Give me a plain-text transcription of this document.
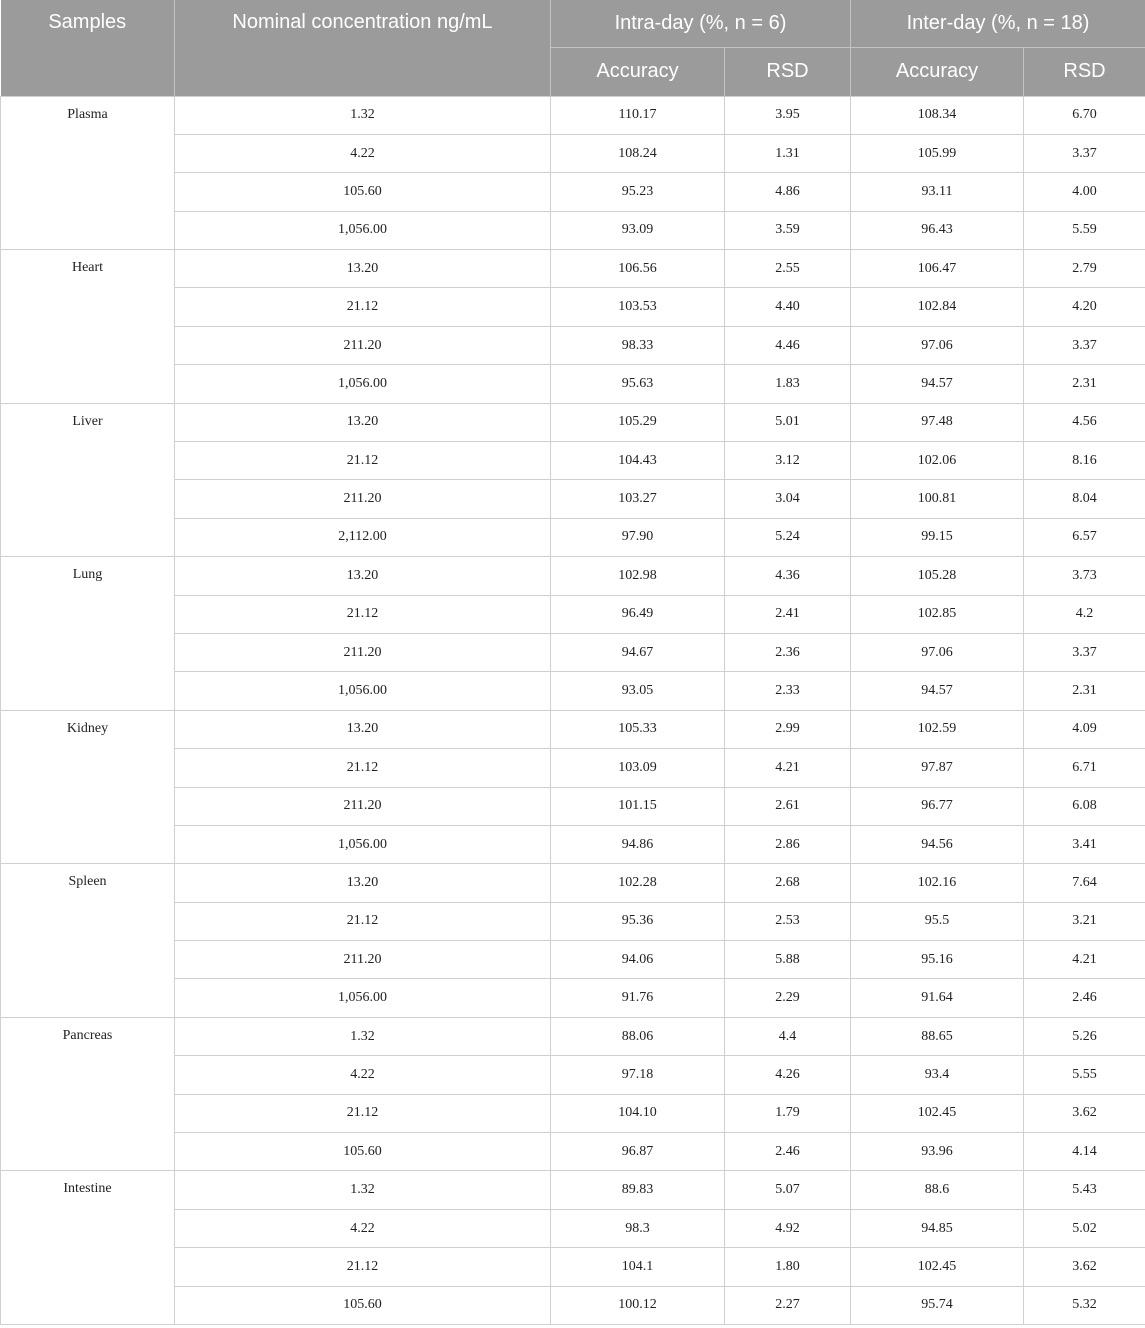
Samples	Nominal concentration ng/mL	Intra-day (%, n = 6)		Inter-day (%, n = 18)	
		Accuracy	RSD	Accuracy	RSD
Plasma	1.32	110.17	3.95	108.34	6.70
	4.22	108.24	1.31	105.99	3.37
	105.60	95.23	4.86	93.11	4.00
	1,056.00	93.09	3.59	96.43	5.59
Heart	13.20	106.56	2.55	106.47	2.79
	21.12	103.53	4.40	102.84	4.20
	211.20	98.33	4.46	97.06	3.37
	1,056.00	95.63	1.83	94.57	2.31
Liver	13.20	105.29	5.01	97.48	4.56
	21.12	104.43	3.12	102.06	8.16
	211.20	103.27	3.04	100.81	8.04
	2,112.00	97.90	5.24	99.15	6.57
Lung	13.20	102.98	4.36	105.28	3.73
	21.12	96.49	2.41	102.85	4.2
	211.20	94.67	2.36	97.06	3.37
	1,056.00	93.05	2.33	94.57	2.31
Kidney	13.20	105.33	2.99	102.59	4.09
	21.12	103.09	4.21	97.87	6.71
	211.20	101.15	2.61	96.77	6.08
	1,056.00	94.86	2.86	94.56	3.41
Spleen	13.20	102.28	2.68	102.16	7.64
	21.12	95.36	2.53	95.5	3.21
	211.20	94.06	5.88	95.16	4.21
	1,056.00	91.76	2.29	91.64	2.46
Pancreas	1.32	88.06	4.4	88.65	5.26
	4.22	97.18	4.26	93.4	5.55
	21.12	104.10	1.79	102.45	3.62
	105.60	96.87	2.46	93.96	4.14
Intestine	1.32	89.83	5.07	88.6	5.43
	4.22	98.3	4.92	94.85	5.02
	21.12	104.1	1.80	102.45	3.62
	105.60	100.12	2.27	95.74	5.32
